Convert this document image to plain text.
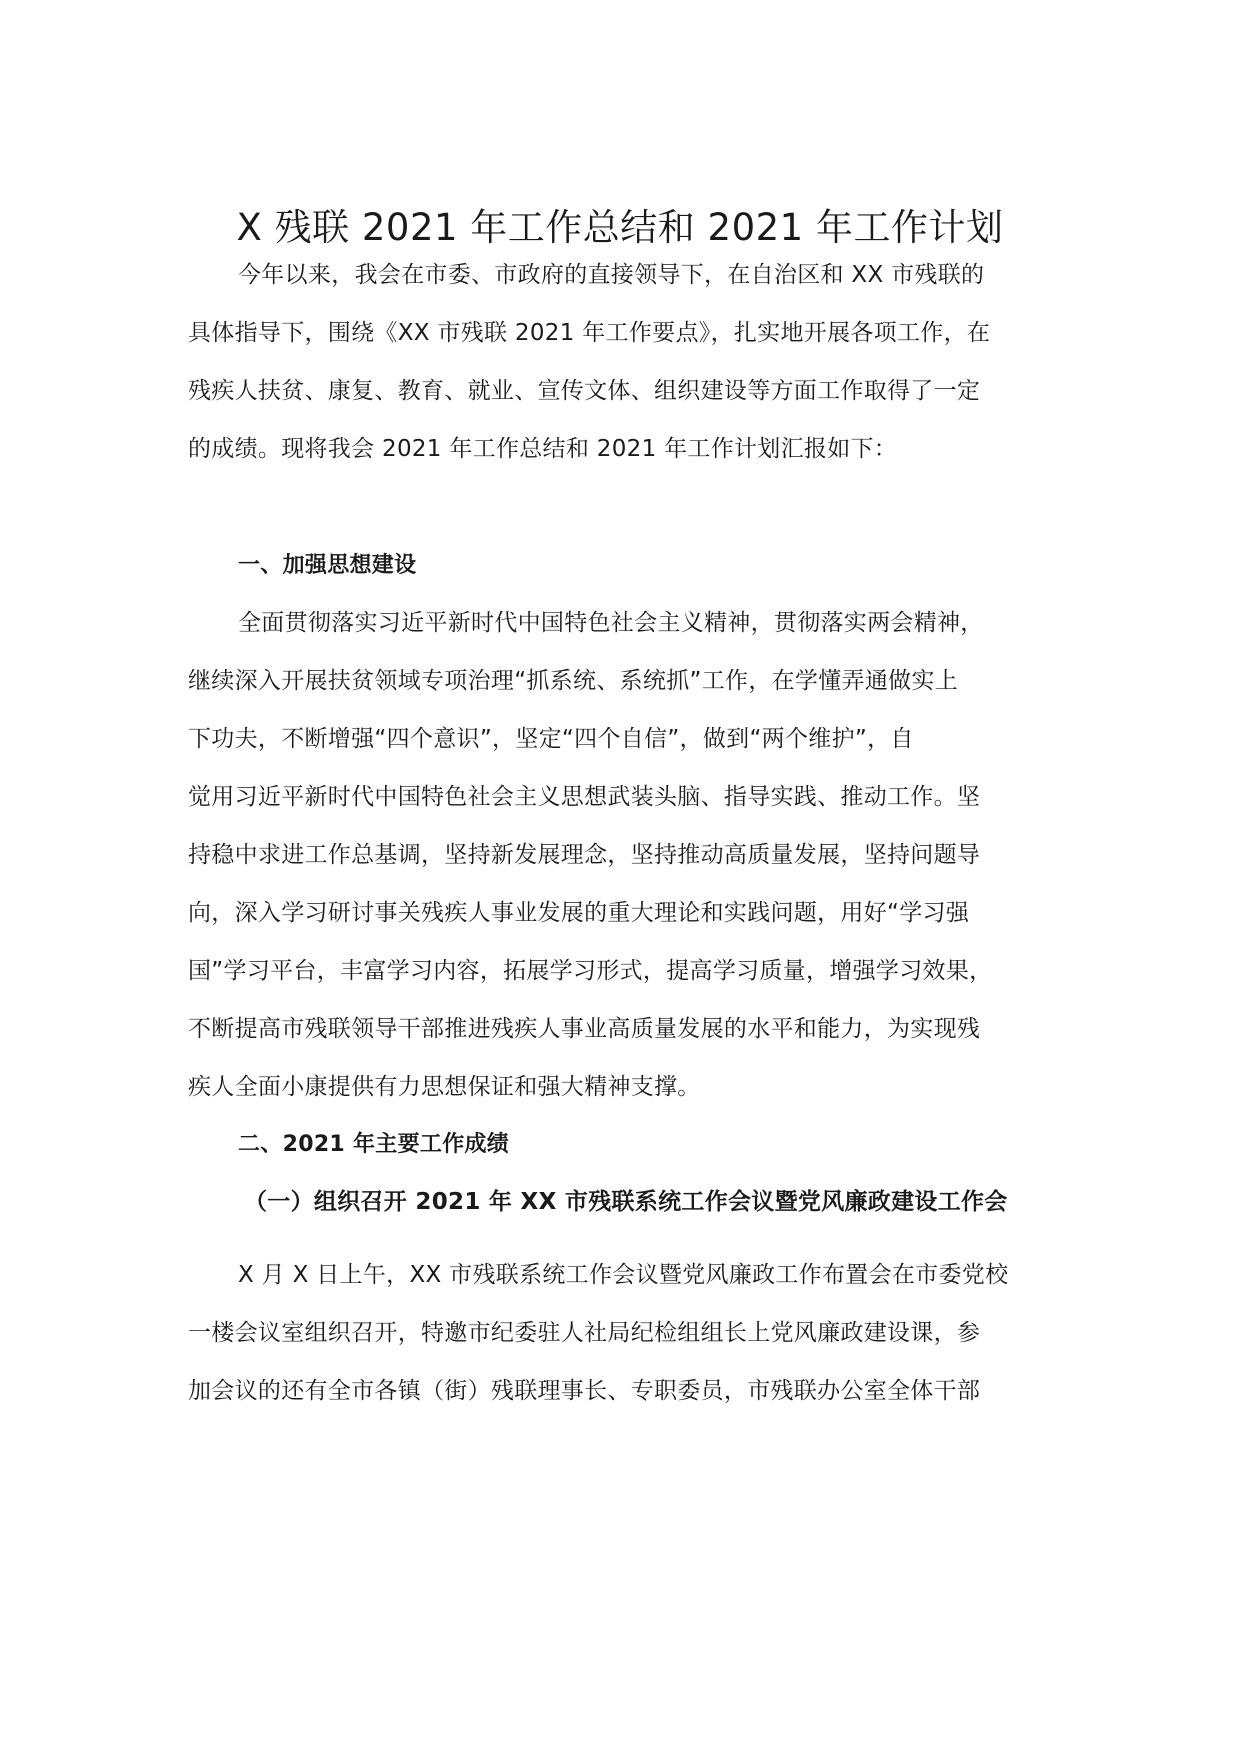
X 残联 2021 年工作总结和 2021 年工作计划

今年以来，我会在市委、市政府的直接领导下，在自治区和 XX 市残联的

具体指导下，围绕《XX 市残联 2021 年工作要点》，扎实地开展各项工作，在

残疾人扶贫、康复、教育、就业、宣传文体、组织建设等方面工作取得了一定

的成绩。现将我会 2021 年工作总结和 2021 年工作计划汇报如下：

一、加强思想建设

全面贯彻落实习近平新时代中国特色社会主义精神，贯彻落实两会精神，

继续深入开展扶贫领域专项治理“抓系统、系统抓”工作，在学懂弄通做实上

下功夫，不断增强“四个意识”，坚定“四个自信”，做到“两个维护”，自

觉用习近平新时代中国特色社会主义思想武装头脑、指导实践、推动工作。坚

持稳中求进工作总基调，坚持新发展理念，坚持推动高质量发展，坚持问题导

向，深入学习研讨事关残疾人事业发展的重大理论和实践问题，用好“学习强

国”学习平台，丰富学习内容，拓展学习形式，提高学习质量，增强学习效果，

不断提高市残联领导干部推进残疾人事业高质量发展的水平和能力，为实现残

疾人全面小康提供有力思想保证和强大精神支撑。

二、2021 年主要工作成绩

（一）组织召开 2021 年 XX 市残联系统工作会议暨党风廉政建设工作会

X 月 X 日上午，XX 市残联系统工作会议暨党风廉政工作布置会在市委党校

一楼会议室组织召开，特邀市纪委驻人社局纪检组组长上党风廉政建设课，参

加会议的还有全市各镇（街）残联理事长、专职委员，市残联办公室全体干部
